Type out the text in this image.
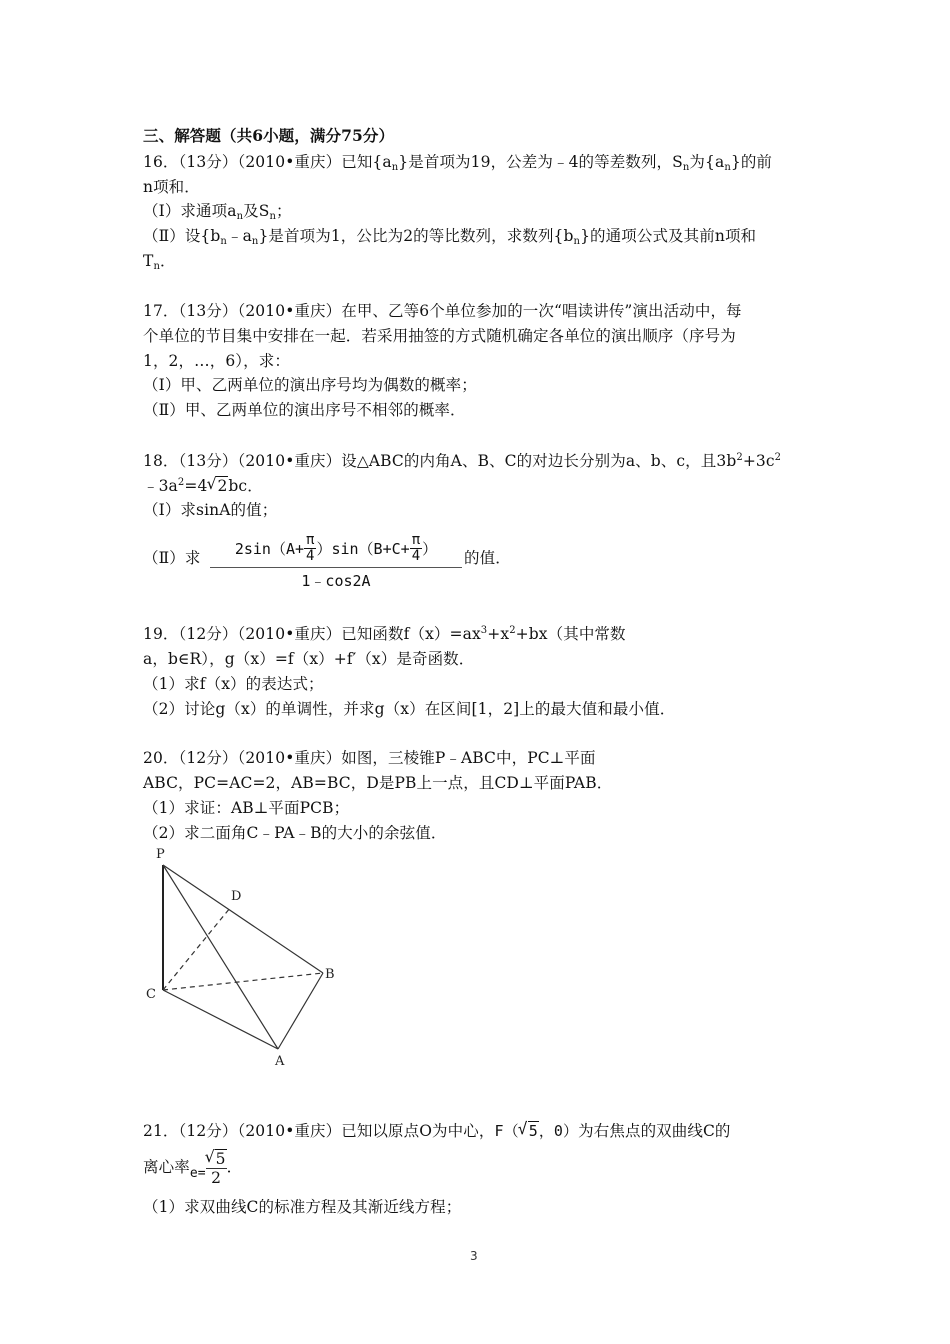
三、解答题（共6小题，满分75分）
16．（13分）（2010•重庆）已知$\{a_n\}$是首项为19，公差为﹣4的等差数列，$S_n$为$\{a_n\}$的前
n项和．
（Ⅰ）求通项$a_n$及$S_n$；
（Ⅱ）设$\{b_n﹣a_n\}$是首项为1，公比为2的等比数列，求数列$\{b_n\}$的通项公式及其前n项和
$T_n$．
17．（13分）（2010•重庆）在甲、乙等6个单位参加的一次“唱读讲传”演出活动中，每
个单位的节目集中安排在一起．若采用抽签的方式随机确定各单位的演出顺序（序号为
1，2，…，6），求：
（Ⅰ）甲、乙两单位的演出序号均为偶数的概率；
（Ⅱ）甲、乙两单位的演出序号不相邻的概率．
18．（13分）（2010•重庆）设△ABC的内角A、B、C的对边长分别为a、b、c，且$3b^2+3c^2$
$﹣3a^2=4$ √ 2bc．
（Ⅰ）求sinA的值；
（Ⅱ）求 $\frac{2\sin(A+ \frac{\pi}{4} )\sin(B+C+ \frac{\pi}{4} )}{1﹣\cos 2A}$ 的值．
19．（12分）（2010•重庆）已知函数$f(x)=ax^3+x^2+bx$（其中常数
a，b∈R），g（x）=f（x）+f′（x）是奇函数．
（1）求f（x）的表达式；
（2）讨论g（x）的单调性，并求g（x）在区间[1，2]上的最大值和最小值．
20．（12分）（2010•重庆）如图，三棱锥P﹣ABC中，PC⊥平面
ABC，PC=AC=2，AB=BC，D是PB上一点，且CD⊥平面PAB．
（1）求证：AB⊥平面PCB；
（2）求二面角C﹣PA﹣B的大小的余弦值．
P
D
B
C
A
21．（12分）（2010•重庆）已知以原点O为中心，F（ √ 5，0）为右焦点的双曲线C的
离心率$_{e=}$ √ $\frac{5}{2}$ ．
（1）求双曲线C的标准方程及其渐近线方程；
3
